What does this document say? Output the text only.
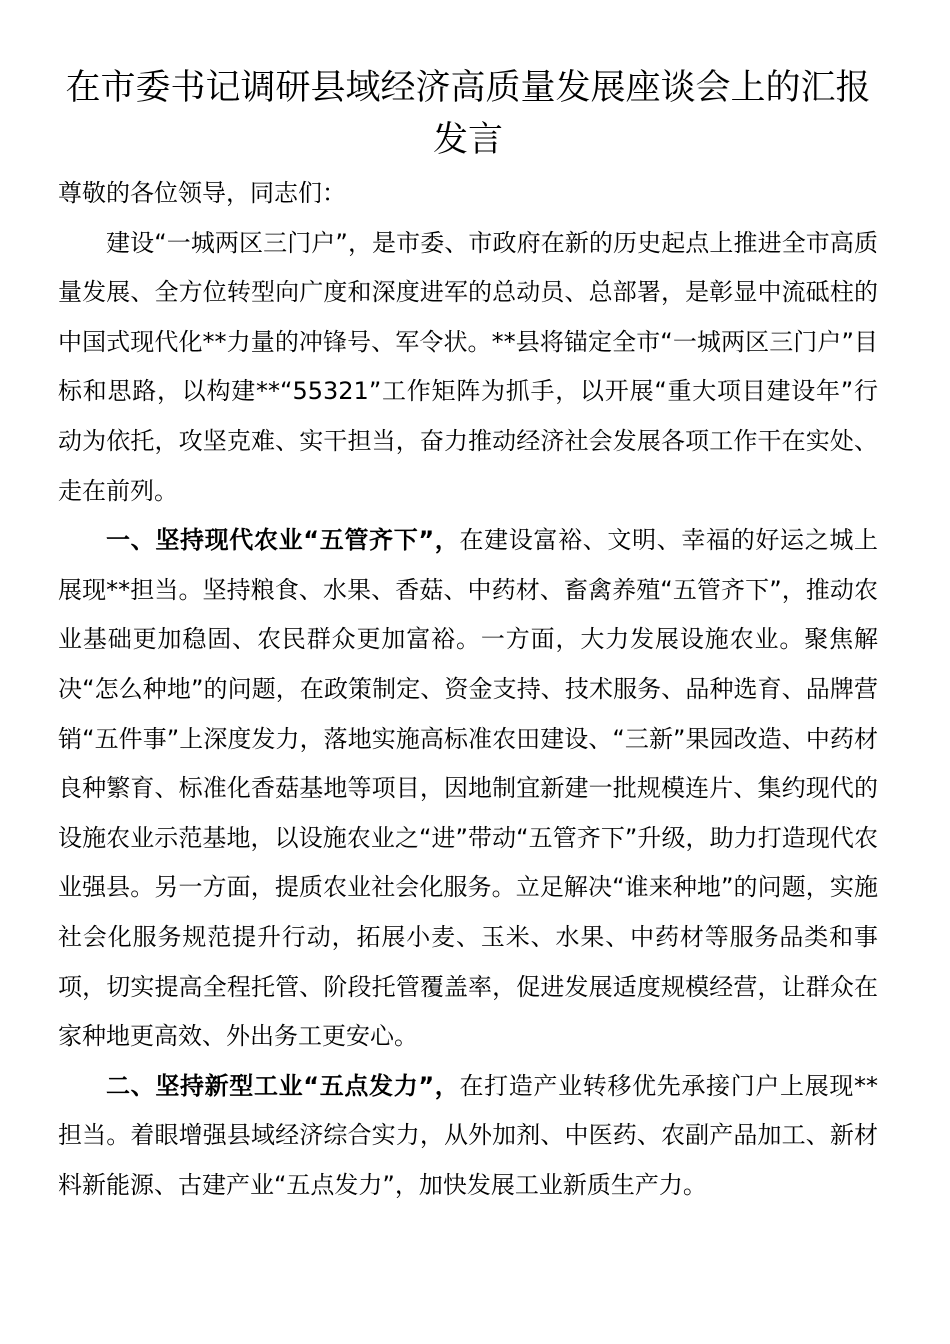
在市委书记调研县域经济高质量发展座谈会上的汇报发言

尊敬的各位领导，同志们：

建设“一城两区三门户”，是市委、市政府在新的历史起点上推进全市高质量发展、全方位转型向广度和深度进军的总动员、总部署，是彰显中流砥柱的中国式现代化**力量的冲锋号、军令状。**县将锚定全市“一城两区三门户”目标和思路，以构建**“55321”工作矩阵为抓手，以开展“重大项目建设年”行动为依托，攻坚克难、实干担当，奋力推动经济社会发展各项工作干在实处、走在前列。

一、坚持现代农业“五管齐下”，在建设富裕、文明、幸福的好运之城上展现**担当。坚持粮食、水果、香菇、中药材、畜禽养殖“五管齐下”，推动农业基础更加稳固、农民群众更加富裕。一方面，大力发展设施农业。聚焦解决“怎么种地”的问题，在政策制定、资金支持、技术服务、品种选育、品牌营销“五件事”上深度发力，落地实施高标准农田建设、“三新”果园改造、中药材良种繁育、标准化香菇基地等项目，因地制宜新建一批规模连片、集约现代的设施农业示范基地，以设施农业之“进”带动“五管齐下”升级，助力打造现代农业强县。另一方面，提质农业社会化服务。立足解决“谁来种地”的问题，实施社会化服务规范提升行动，拓展小麦、玉米、水果、中药材等服务品类和事项，切实提高全程托管、阶段托管覆盖率，促进发展适度规模经营，让群众在家种地更高效、外出务工更安心。

二、坚持新型工业“五点发力”，在打造产业转移优先承接门户上展现**担当。着眼增强县域经济综合实力，从外加剂、中医药、农副产品加工、新材料新能源、古建产业“五点发力”，加快发展工业新质生产力。
